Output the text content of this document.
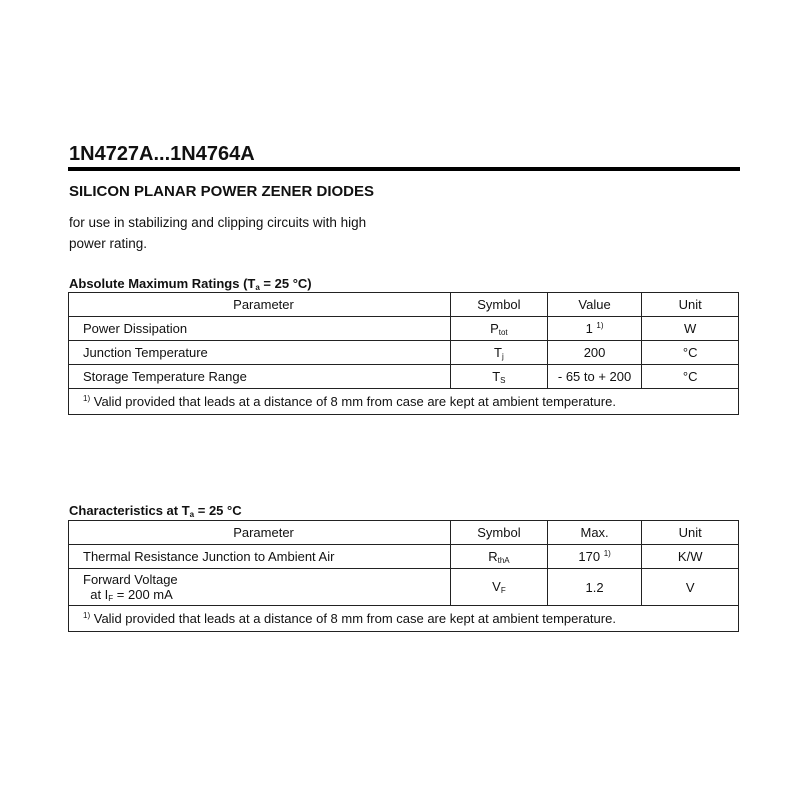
1N4727A...1N4764A
SILICON PLANAR POWER ZENER DIODES
for use in stabilizing and clipping circuits with high
power rating.
Absolute Maximum Ratings ($T_a = 25$ °C)
Parameter	Symbol	Value	Unit
Power Dissipation	$P_{tot}$	1 $^{1)}$	W
Junction Temperature	$T_j$	200	°C
Storage Temperature Range	$T_S$	- 65 to + 200	°C
$^{1)}$ Valid provided that leads at a distance of 8 mm from case are kept at ambient temperature.			
Characteristics at $T_a = 25$ °C
Parameter	Symbol	Max.	Unit
Thermal Resistance Junction to Ambient Air	$R_{thA}$	170 $^{1)}$	K/W

Forward Voltage
at $I_F = 200$ mA	$V_F$	1.2	V
$^{1)}$ Valid provided that leads at a distance of 8 mm from case are kept at ambient temperature.			
